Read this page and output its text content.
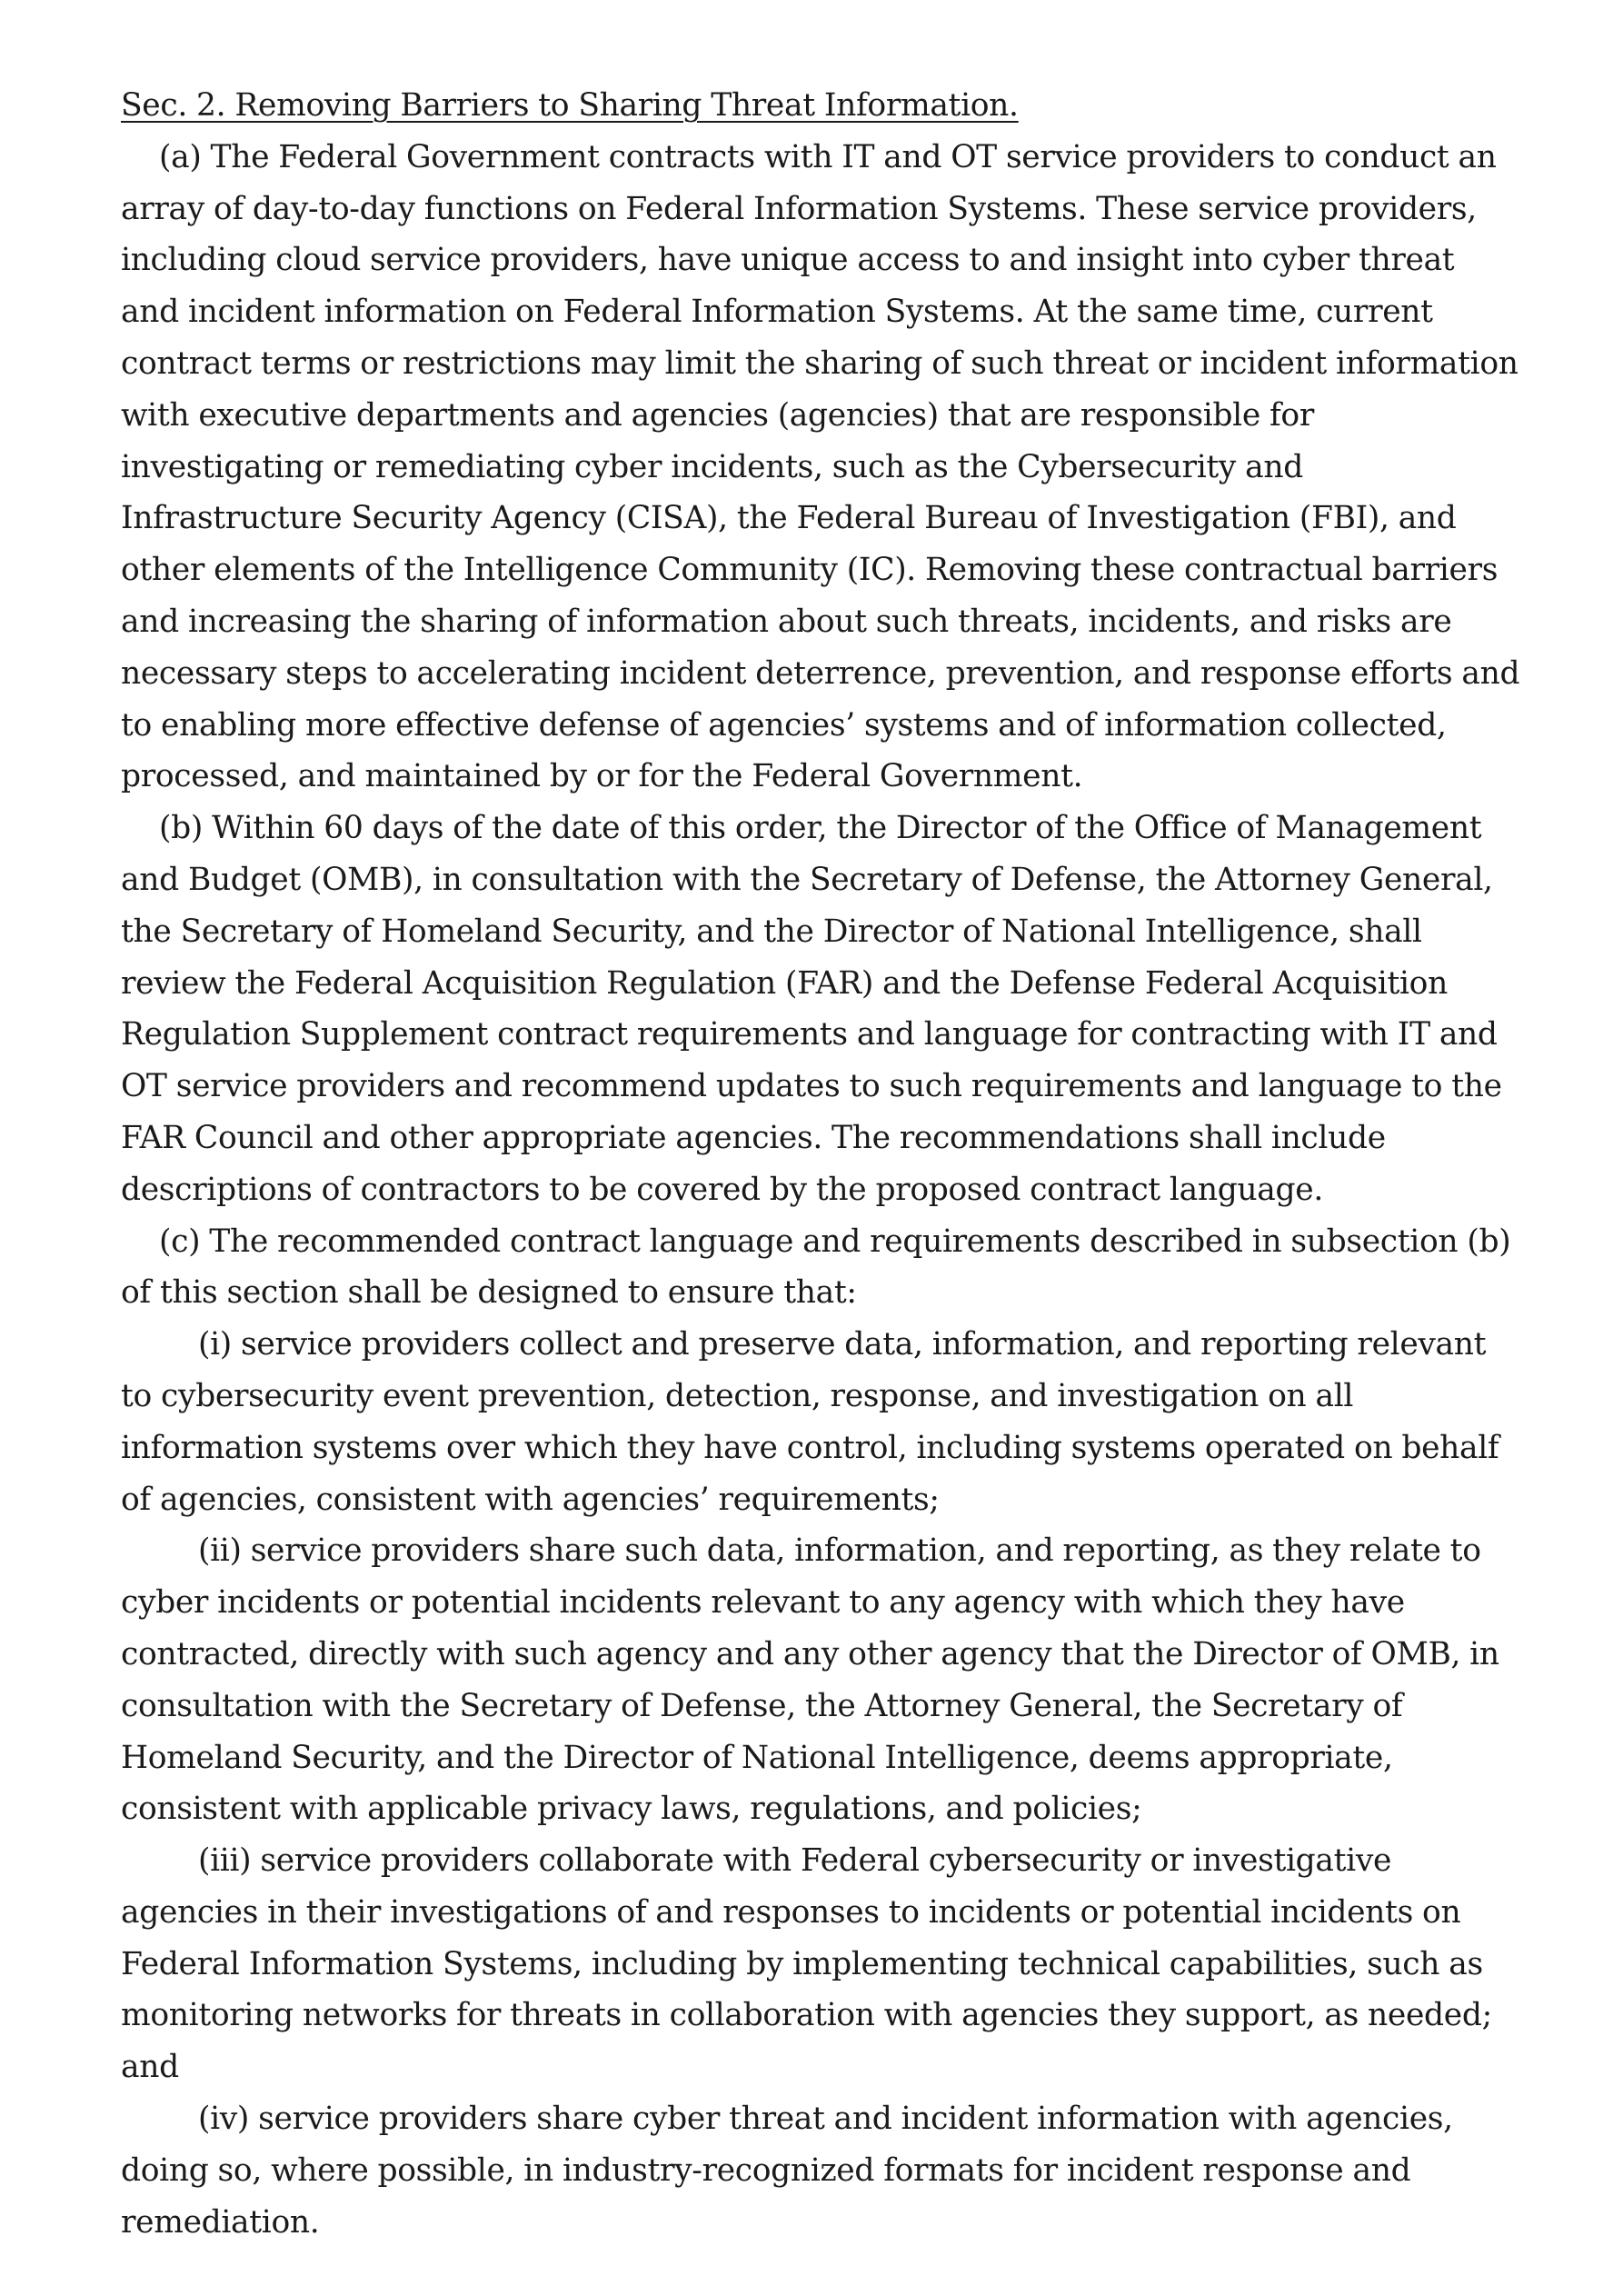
Sec. 2. Removing Barriers to Sharing Threat Information.

(a) The Federal Government contracts with IT and OT service providers to conduct an array of day-to-day functions on Federal Information Systems. These service providers, including cloud service providers, have unique access to and insight into cyber threat and incident information on Federal Information Systems. At the same time, current contract terms or restrictions may limit the sharing of such threat or incident information with executive departments and agencies (agencies) that are responsible for investigating or remediating cyber incidents, such as the Cybersecurity and Infrastructure Security Agency (CISA), the Federal Bureau of Investigation (FBI), and other elements of the Intelligence Community (IC). Removing these contractual barriers and increasing the sharing of information about such threats, incidents, and risks are necessary steps to accelerating incident deterrence, prevention, and response efforts and to enabling more effective defense of agencies’ systems and of information collected, processed, and maintained by or for the Federal Government.

(b) Within 60 days of the date of this order, the Director of the Office of Management and Budget (OMB), in consultation with the Secretary of Defense, the Attorney General, the Secretary of Homeland Security, and the Director of National Intelligence, shall review the Federal Acquisition Regulation (FAR) and the Defense Federal Acquisition Regulation Supplement contract requirements and language for contracting with IT and OT service providers and recommend updates to such requirements and language to the FAR Council and other appropriate agencies. The recommendations shall include descriptions of contractors to be covered by the proposed contract language.

(c) The recommended contract language and requirements described in subsection (b) of this section shall be designed to ensure that:

(i) service providers collect and preserve data, information, and reporting relevant to cybersecurity event prevention, detection, response, and investigation on all information systems over which they have control, including systems operated on behalf of agencies, consistent with agencies’ requirements;

(ii) service providers share such data, information, and reporting, as they relate to cyber incidents or potential incidents relevant to any agency with which they have contracted, directly with such agency and any other agency that the Director of OMB, in consultation with the Secretary of Defense, the Attorney General, the Secretary of Homeland Security, and the Director of National Intelligence, deems appropriate, consistent with applicable privacy laws, regulations, and policies;

(iii) service providers collaborate with Federal cybersecurity or investigative agencies in their investigations of and responses to incidents or potential incidents on Federal Information Systems, including by implementing technical capabilities, such as monitoring networks for threats in collaboration with agencies they support, as needed; and

(iv) service providers share cyber threat and incident information with agencies, doing so, where possible, in industry-recognized formats for incident response and remediation.
